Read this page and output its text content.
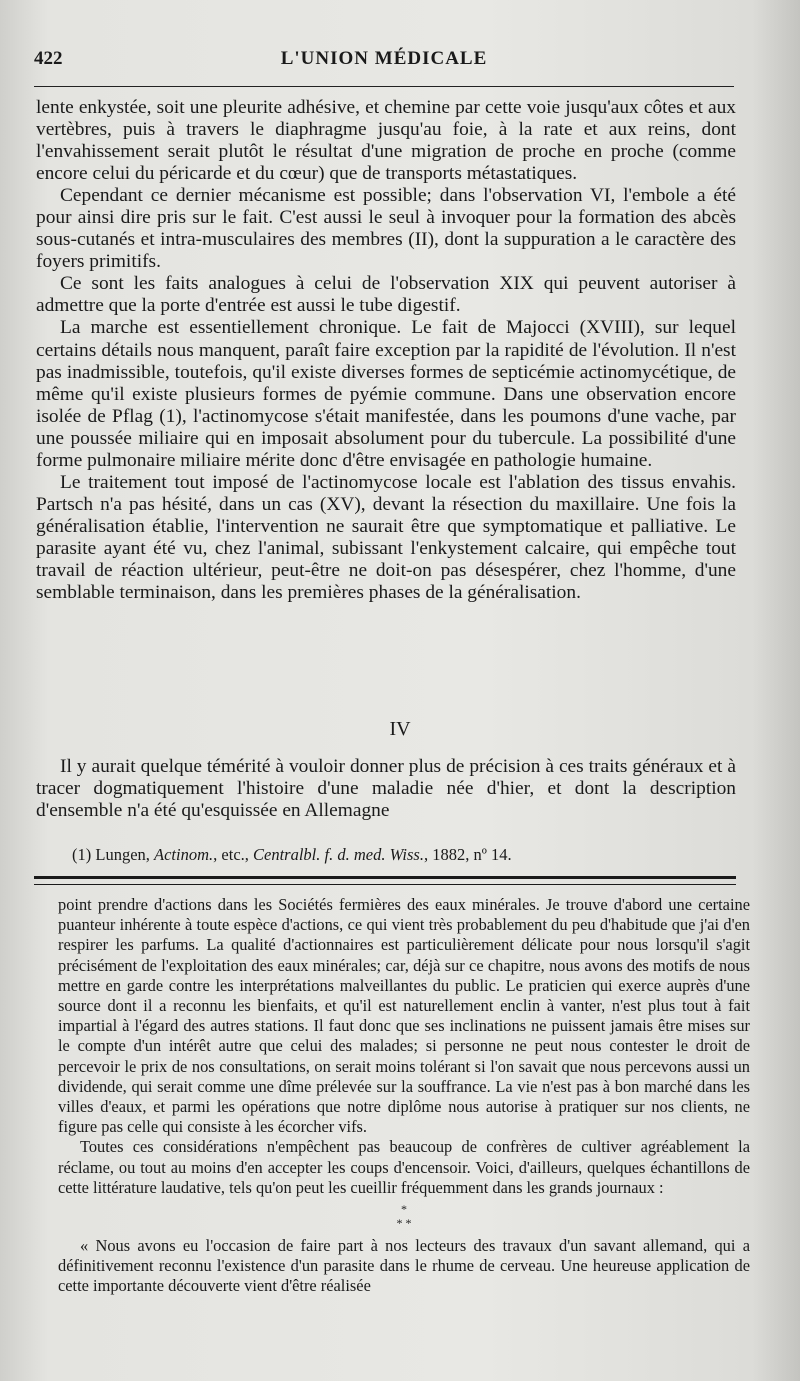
422	L'UNION MÉDICALE

lente enkystée, soit une pleurite adhésive, et chemine par cette voie jusqu'aux côtes et aux vertèbres, puis à travers le diaphragme jusqu'au foie, à la rate et aux reins, dont l'envahissement serait plutôt le résultat d'une migration de proche en proche (comme encore celui du péricarde et du cœur) que de transports métastatiques.

Cependant ce dernier mécanisme est possible; dans l'observation VI, l'embole a été pour ainsi dire pris sur le fait. C'est aussi le seul à invoquer pour la formation des abcès sous-cutanés et intra-musculaires des membres (II), dont la suppuration a le caractère des foyers primitifs.

Ce sont les faits analogues à celui de l'observation XIX qui peuvent autoriser à admettre que la porte d'entrée est aussi le tube digestif.

La marche est essentiellement chronique. Le fait de Majocci (XVIII), sur lequel certains détails nous manquent, paraît faire exception par la rapidité de l'évolution. Il n'est pas inadmissible, toutefois, qu'il existe diverses formes de septicémie actinomycétique, de même qu'il existe plusieurs formes de pyémie commune. Dans une observation encore isolée de Pflag (1), l'actinomycose s'était manifestée, dans les poumons d'une vache, par une poussée miliaire qui en imposait absolument pour du tubercule. La possibilité d'une forme pulmonaire miliaire mérite donc d'être envisagée en pathologie humaine.

Le traitement tout imposé de l'actinomycose locale est l'ablation des tissus envahis. Partsch n'a pas hésité, dans un cas (XV), devant la résection du maxillaire. Une fois la généralisation établie, l'intervention ne saurait être que symptomatique et palliative. Le parasite ayant été vu, chez l'animal, subissant l'enkystement calcaire, qui empêche tout travail de réaction ultérieur, peut-être ne doit-on pas désespérer, chez l'homme, d'une semblable terminaison, dans les premières phases de la généralisation.

IV

Il y aurait quelque témérité à vouloir donner plus de précision à ces traits généraux et à tracer dogmatiquement l'histoire d'une maladie née d'hier, et dont la description d'ensemble n'a été qu'esquissée en Allemagne

(1) Lungen, Actinom., etc., Centralbl. f. d. med. Wiss., 1882, nº 14.

point prendre d'actions dans les Sociétés fermières des eaux minérales. Je trouve d'abord une certaine puanteur inhérente à toute espèce d'actions, ce qui vient très probablement du peu d'habitude que j'ai d'en respirer les parfums. La qualité d'actionnaires est particulièrement délicate pour nous lorsqu'il s'agit précisément de l'exploitation des eaux minérales; car, déjà sur ce chapitre, nous avons des motifs de nous mettre en garde contre les interprétations malveillantes du public. Le praticien qui exerce auprès d'une source dont il a reconnu les bienfaits, et qu'il est naturellement enclin à vanter, n'est plus tout à fait impartial à l'égard des autres stations. Il faut donc que ses inclinations ne puissent jamais être mises sur le compte d'un intérêt autre que celui des malades; si personne ne peut nous contester le droit de percevoir le prix de nos consultations, on serait moins tolérant si l'on savait que nous percevons aussi un dividende, qui serait comme une dîme prélevée sur la souffrance. La vie n'est pas à bon marché dans les villes d'eaux, et parmi les opérations que notre diplôme nous autorise à pratiquer sur nos clients, ne figure pas celle qui consiste à les écorcher vifs.

Toutes ces considérations n'empêchent pas beaucoup de confrères de cultiver agréablement la réclame, ou tout au moins d'en accepter les coups d'encensoir. Voici, d'ailleurs, quelques échantillons de cette littérature laudative, tels qu'on peut les cueillir fréquemment dans les grands journaux :

*
* *

« Nous avons eu l'occasion de faire part à nos lecteurs des travaux d'un savant allemand, qui a définitivement reconnu l'existence d'un parasite dans le rhume de cerveau. Une heureuse application de cette importante découverte vient d'être réalisée
